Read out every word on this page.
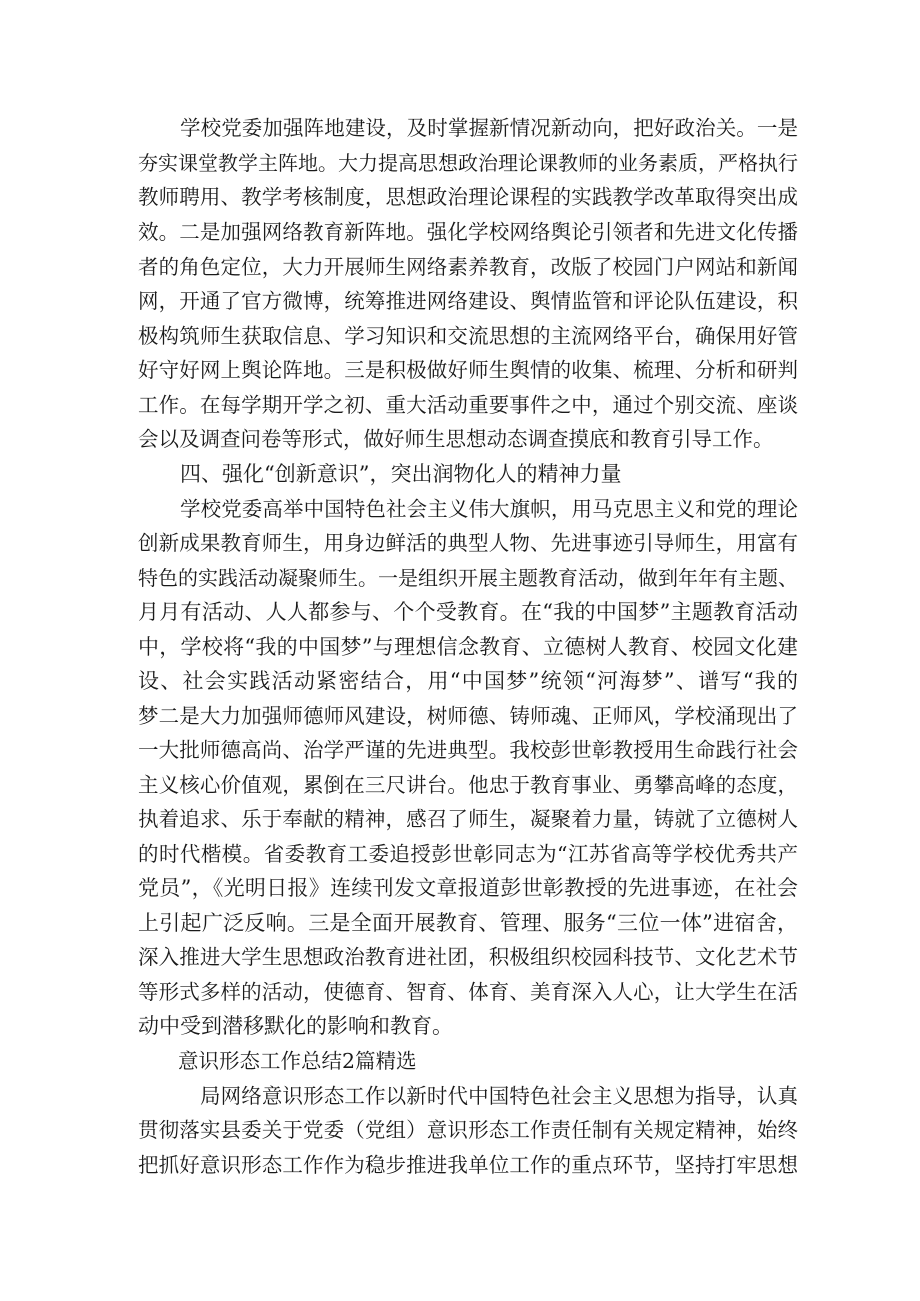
学校党委加强阵地建设，及时掌握新情况新动向，把好政治关。一是
夯实课堂教学主阵地。大力提高思想政治理论课教师的业务素质，严格执行
教师聘用、教学考核制度，思想政治理论课程的实践教学改革取得突出成
效。二是加强网络教育新阵地。强化学校网络舆论引领者和先进文化传播
者的角色定位，大力开展师生网络素养教育，改版了校园门户网站和新闻
网，开通了官方微博，统筹推进网络建设、舆情监管和评论队伍建设，积
极构筑师生获取信息、学习知识和交流思想的主流网络平台，确保用好管
好守好网上舆论阵地。三是积极做好师生舆情的收集、梳理、分析和研判
工作。在每学期开学之初、重大活动重要事件之中，通过个别交流、座谈
会以及调查问卷等形式，做好师生思想动态调查摸底和教育引导工作。
四、强化“创新意识”，突出润物化人的精神力量
学校党委高举中国特色社会主义伟大旗帜，用马克思主义和党的理论
创新成果教育师生，用身边鲜活的典型人物、先进事迹引导师生，用富有
特色的实践活动凝聚师生。一是组织开展主题教育活动，做到年年有主题、
月月有活动、人人都参与、个个受教育。在“我的中国梦”主题教育活动
中，学校将“我的中国梦”与理想信念教育、立德树人教育、校园文化建
设、社会实践活动紧密结合，用“中国梦”统领“河海梦”、谱写“我的
梦二是大力加强师德师风建设，树师德、铸师魂、正师风，学校涌现出了
一大批师德高尚、治学严谨的先进典型。我校彭世彰教授用生命践行社会
主义核心价值观，累倒在三尺讲台。他忠于教育事业、勇攀高峰的态度，
执着追求、乐于奉献的精神，感召了师生，凝聚着力量，铸就了立德树人
的时代楷模。省委教育工委追授彭世彰同志为“江苏省高等学校优秀共产
党员”，《光明日报》连续刊发文章报道彭世彰教授的先进事迹，在社会
上引起广泛反响。三是全面开展教育、管理、服务“三位一体”进宿舍，
深入推进大学生思想政治教育进社团，积极组织校园科技节、文化艺术节
等形式多样的活动，使德育、智育、体育、美育深入人心，让大学生在活
动中受到潜移默化的影响和教育。
意识形态工作总结2篇精选
局网络意识形态工作以新时代中国特色社会主义思想为指导，认真
贯彻落实县委关于党委（党组）意识形态工作责任制有关规定精神，始终
把抓好意识形态工作作为稳步推进我单位工作的重点环节，坚持打牢思想
